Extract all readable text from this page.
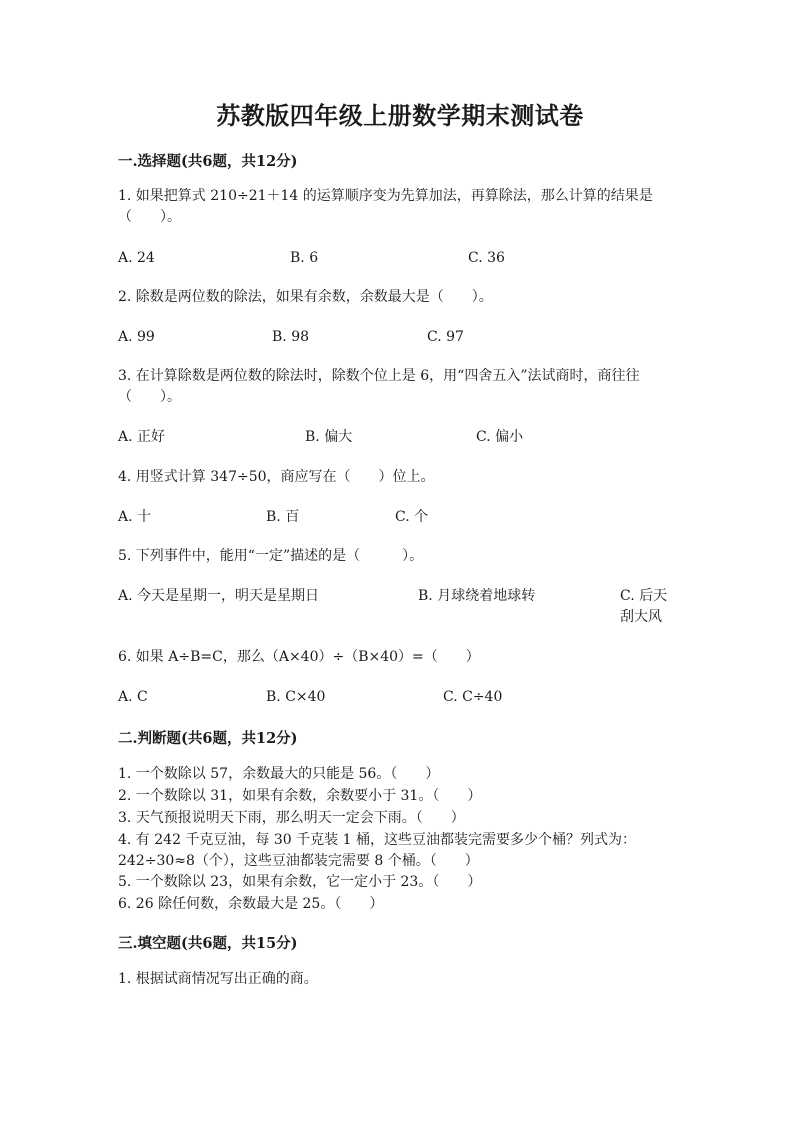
苏教版四年级上册数学期末测试卷
一.选择题(共6题，共12分)
1. 如果把算式 210÷21＋14 的运算顺序变为先算加法，再算除法，那么计算的结果是（　　）。
A. 24	B. 6	C. 36
2. 除数是两位数的除法，如果有余数，余数最大是（　　）。
A. 99	B. 98	C. 97
3. 在计算除数是两位数的除法时，除数个位上是 6，用“四舍五入”法试商时，商往往（　　）。
A. 正好	B. 偏大	C. 偏小
4. 用竖式计算 347÷50，商应写在（　　）位上。
A. 十	B. 百	C. 个
5. 下列事件中，能用“一定”描述的是（　　　）。
A. 今天是星期一，明天是星期日	B. 月球绕着地球转	C. 后天刮大风
6. 如果 A÷B=C，那么（A×40）÷（B×40）=（　　）
A. C	B. C×40	C. C÷40
二.判断题(共6题，共12分)
1. 一个数除以 57，余数最大的只能是 56。（　　）
2. 一个数除以 31，如果有余数，余数要小于 31。（　　）
3. 天气预报说明天下雨，那么明天一定会下雨。（　　）
4. 有 242 千克豆油，每 30 千克装 1 桶，这些豆油都装完需要多少个桶？列式为：242÷30≈8（个），这些豆油都装完需要 8 个桶。（　　）
5. 一个数除以 23，如果有余数，它一定小于 23。（　　）
6. 26 除任何数，余数最大是 25。（　　）
三.填空题(共6题，共15分)
1. 根据试商情况写出正确的商。
